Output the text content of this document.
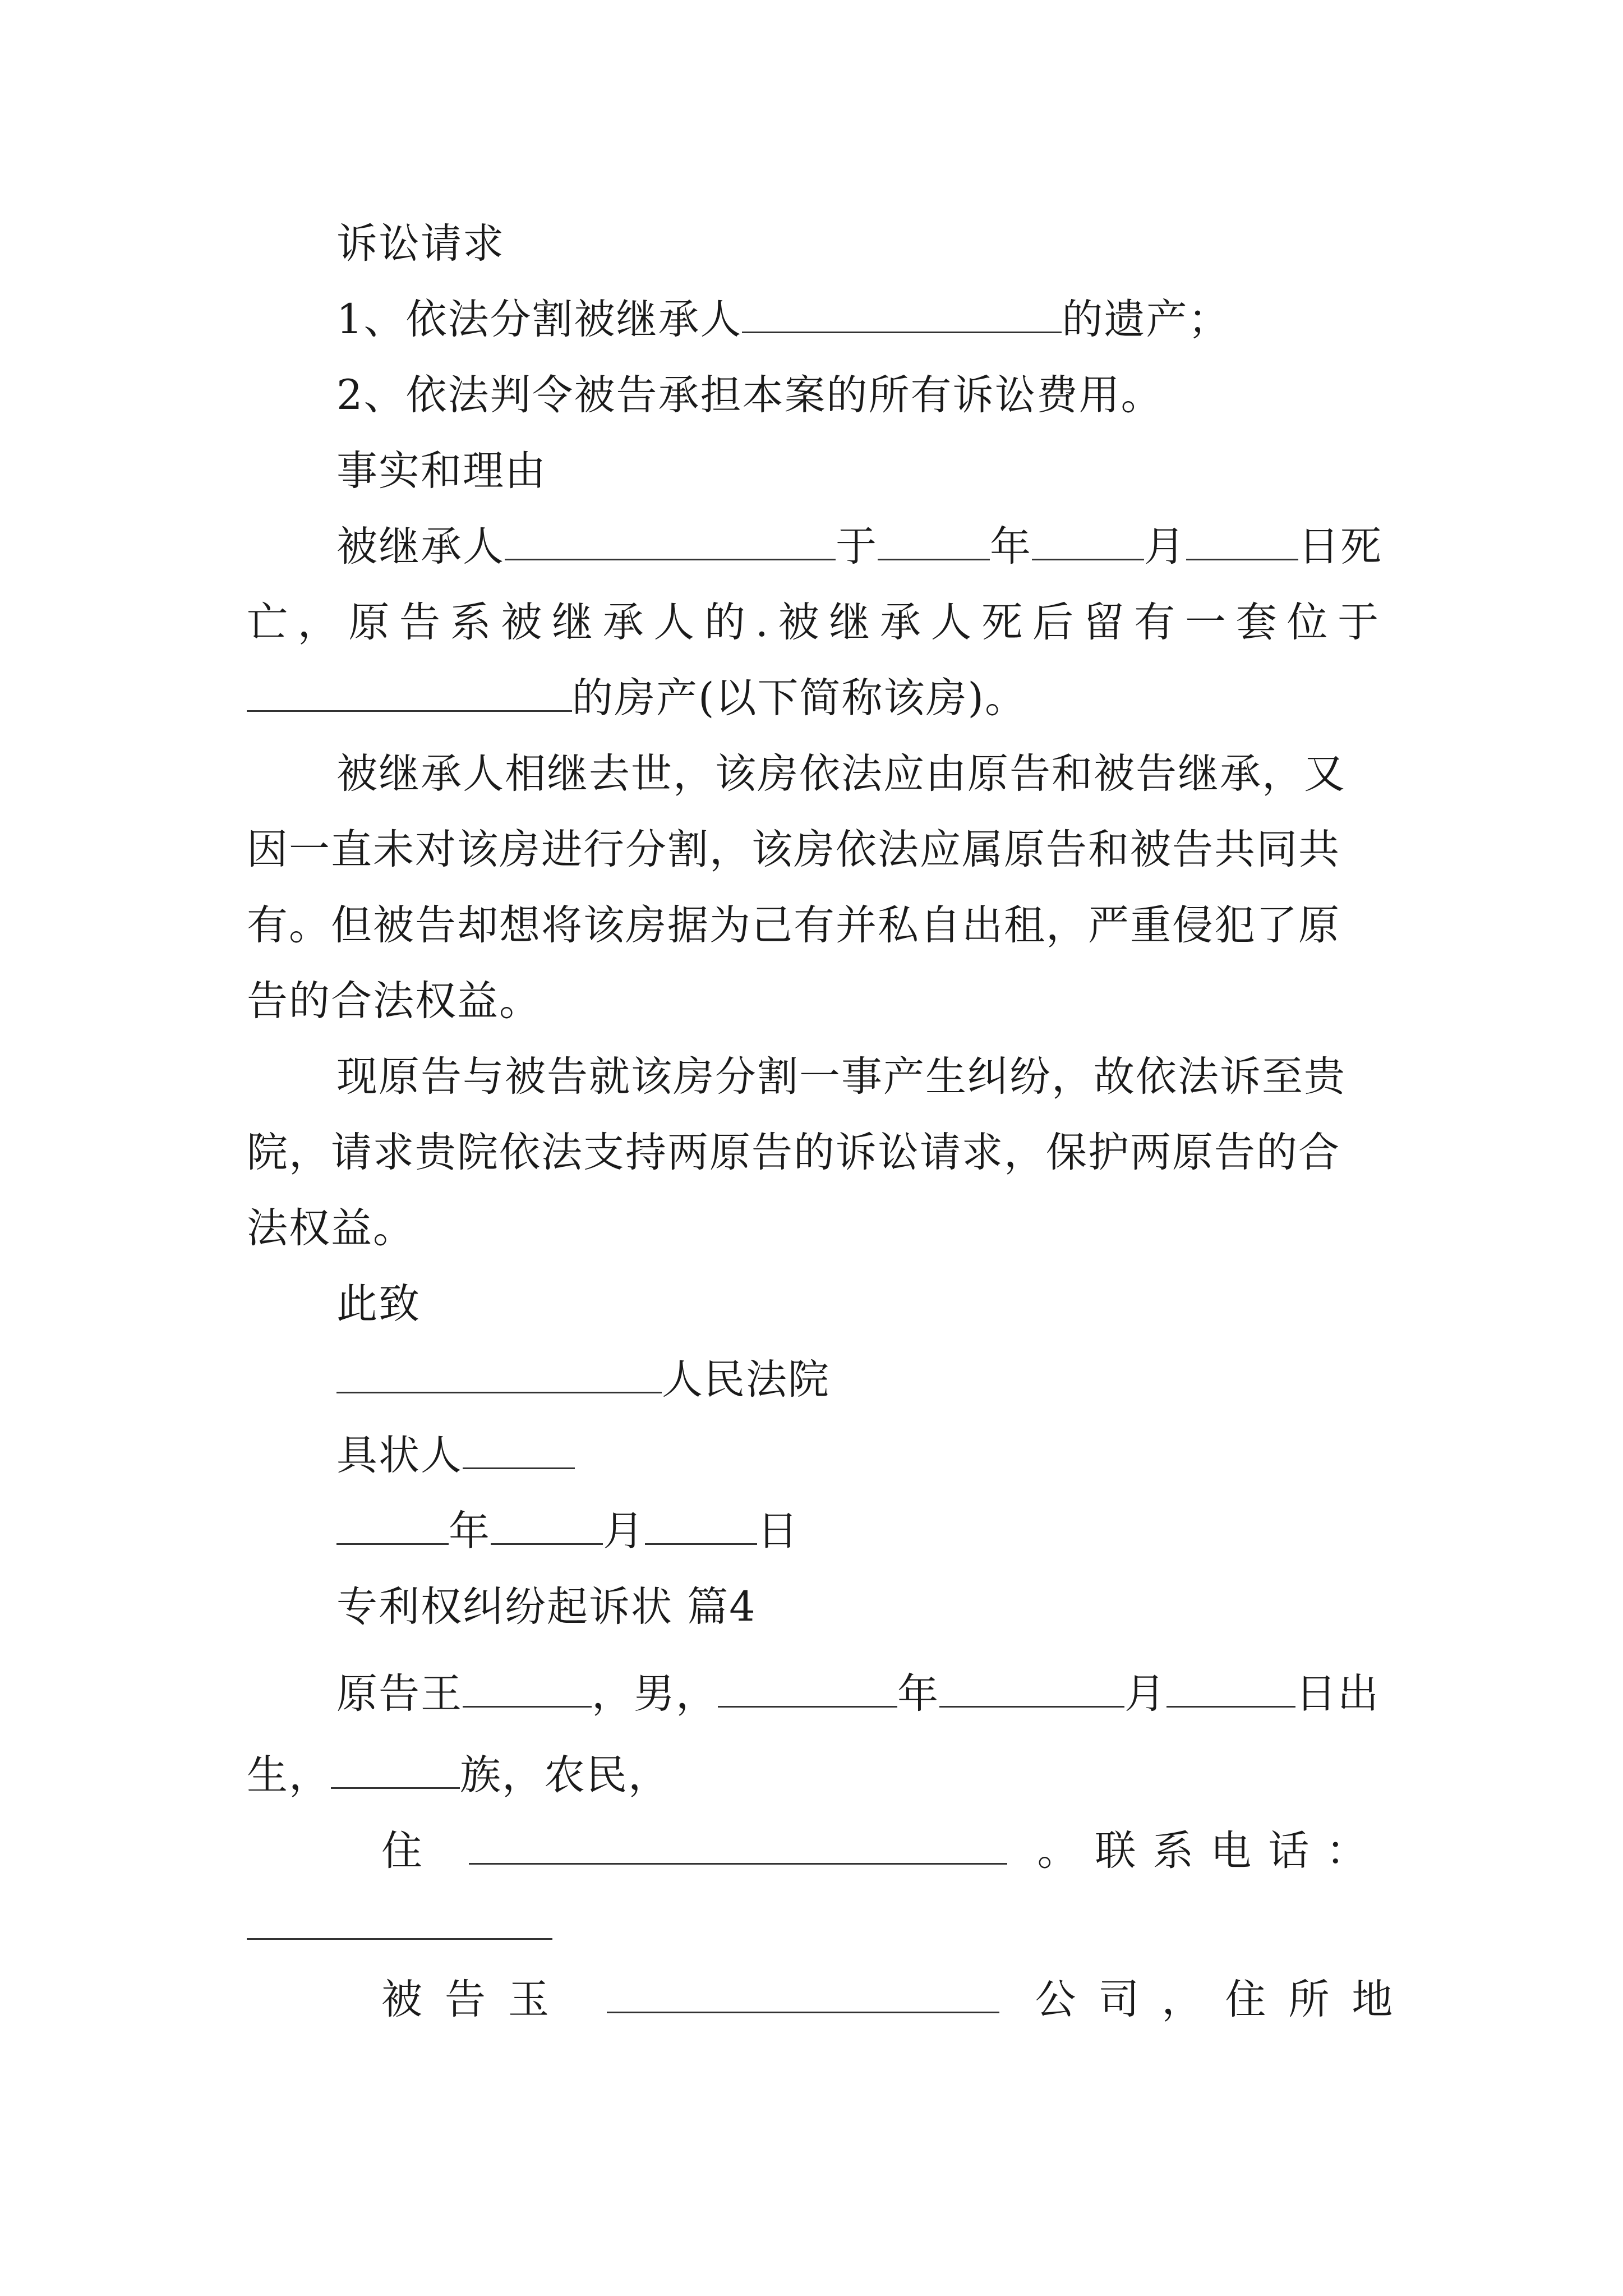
诉讼请求
1、依法分割被继承人	的遗产；
2、依法判令被告承担本案的所有诉讼费用。
事实和理由
被继承人	于	年	月	日死
亡，原告系被继承人的.被继承人死后留有一套位于
的房产(以下简称该房)。
被继承人相继去世，该房依法应由原告和被告继承，又
因一直未对该房进行分割，该房依法应属原告和被告共同共
有。但被告却想将该房据为己有并私自出租，严重侵犯了原
告的合法权益。
现原告与被告就该房分割一事产生纠纷，故依法诉至贵
院，请求贵院依法支持两原告的诉讼请求，保护两原告的合
法权益。
此致
人民法院
具状人
年	月	日
专利权纠纷起诉状 篇4
原告王	，男，	年	月	日出
生，	族，农民，
住	。联系电话：
被告玉	公司，住所地
